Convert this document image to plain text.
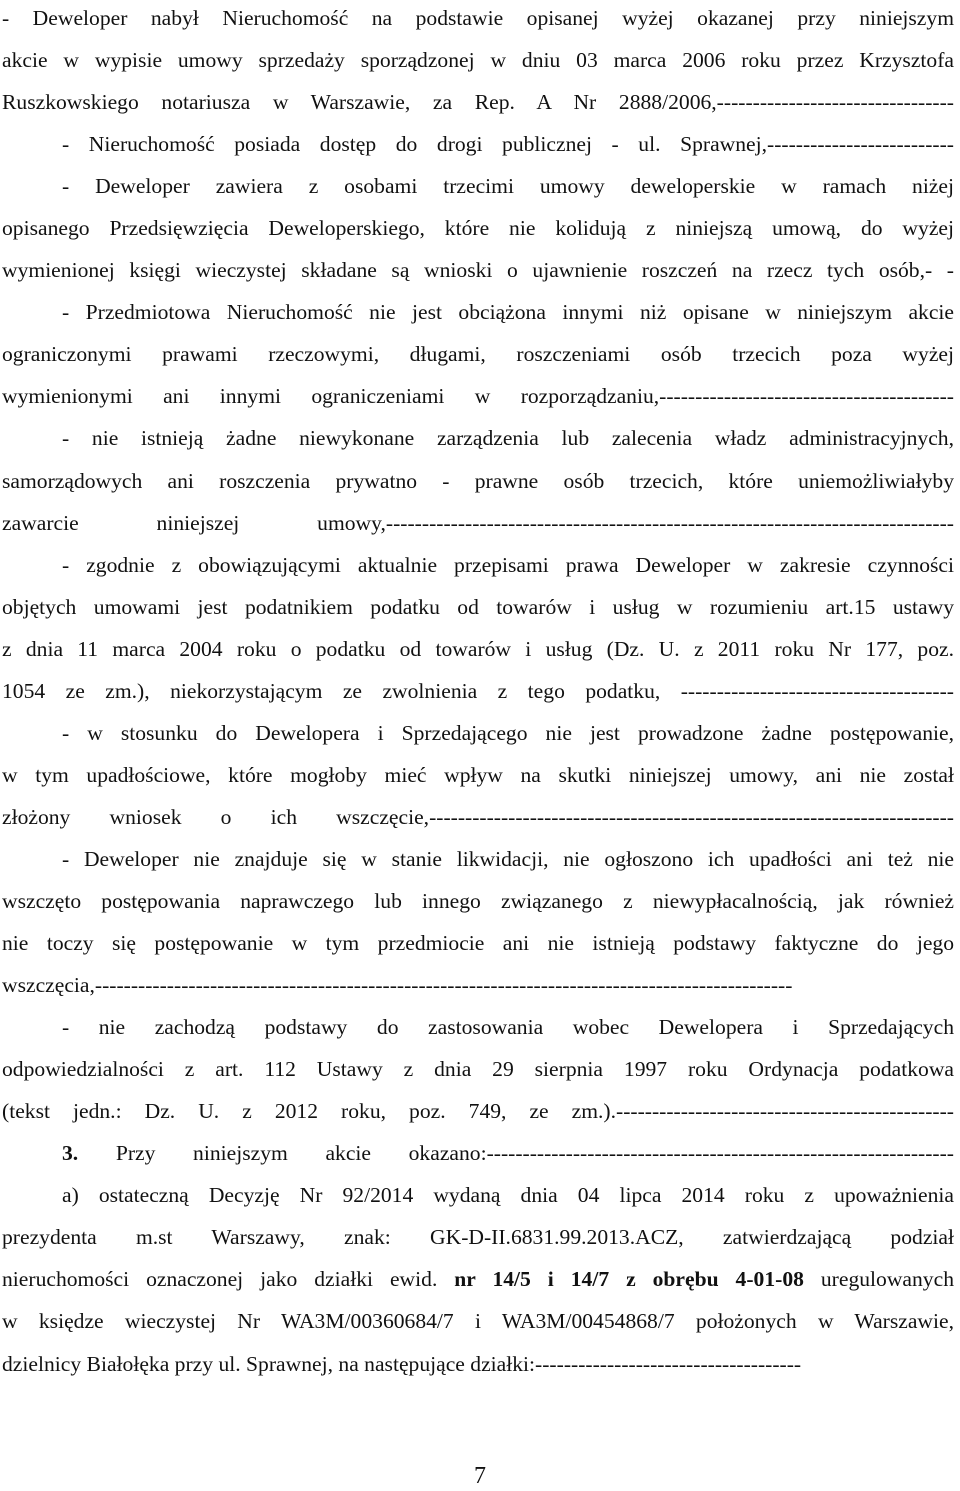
- Deweloper nabył Nieruchomość na podstawie opisanej wyżej okazanej przy niniejszym
akcie w wypisie umowy sprzedaży sporządzonej w dniu 03 marca 2006 roku przez Krzysztofa
Ruszkowskiego notariusza w Warszawie, za Rep. A Nr 2888/2006,---------------------------------
- Nieruchomość posiada dostęp do drogi publicznej - ul. Sprawnej,--------------------------
- Deweloper zawiera z osobami trzecimi umowy deweloperskie w ramach niżej
opisanego Przedsięwzięcia Deweloperskiego, które nie kolidują z niniejszą umową, do wyżej
wymienionej księgi wieczystej składane są wnioski o ujawnienie roszczeń na rzecz tych osób,- -
- Przedmiotowa Nieruchomość nie jest obciążona innymi niż opisane w niniejszym akcie
ograniczonymi prawami rzeczowymi, długami, roszczeniami osób trzecich poza wyżej
wymienionymi ani innymi ograniczeniami w rozporządzaniu,-----------------------------------------
- nie istnieją żadne niewykonane zarządzenia lub zalecenia władz administracyjnych,
samorządowych ani roszczenia prywatno - prawne osób trzecich, które uniemożliwiałyby
zawarcie niniejszej umowy,-------------------------------------------------------------------------------
- zgodnie z obowiązującymi aktualnie przepisami prawa Deweloper w zakresie czynności
objętych umowami jest podatnikiem podatku od towarów i usług w rozumieniu art.15 ustawy
z dnia 11 marca 2004 roku o podatku od towarów i usług (Dz. U. z 2011 roku Nr 177, poz.
1054 ze zm.), niekorzystającym ze zwolnienia z tego podatku, --------------------------------------
- w stosunku do Dewelopera i Sprzedającego nie jest prowadzone żadne postępowanie,
w tym upadłościowe, które mogłoby mieć wpływ na skutki niniejszej umowy, ani nie został
złożony wniosek o ich wszczęcie,-------------------------------------------------------------------------
- Deweloper nie znajduje się w stanie likwidacji, nie ogłoszono ich upadłości ani też nie
wszczęto postępowania naprawczego lub innego związanego z niewypłacalnością, jak również
nie toczy się postępowanie w tym przedmiocie ani nie istnieją podstawy faktyczne do jego
wszczęcia,-------------------------------------------------------------------------------------------------
- nie zachodzą podstawy do zastosowania wobec Dewelopera i Sprzedających
odpowiedzialności z art. 112 Ustawy z dnia 29 sierpnia 1997 roku Ordynacja podatkowa
(tekst jedn.: Dz. U. z 2012 roku, poz. 749, ze zm.).-----------------------------------------------
3. Przy niniejszym akcie okazano:-----------------------------------------------------------------
a) ostateczną Decyzję Nr 92/2014 wydaną dnia 04 lipca 2014 roku z upoważnienia
prezydenta m.st Warszawy, znak: GK-D-II.6831.99.2013.ACZ, zatwierdzającą podział
nieruchomości oznaczonej jako działki ewid. nr 14/5 i 14/7 z obrębu 4-01-08 uregulowanych
w księdze wieczystej Nr WA3M/00360684/7 i WA3M/00454868/7 położonych w Warszawie,
dzielnicy Białołęka przy ul. Sprawnej, na następujące działki:-------------------------------------
7
